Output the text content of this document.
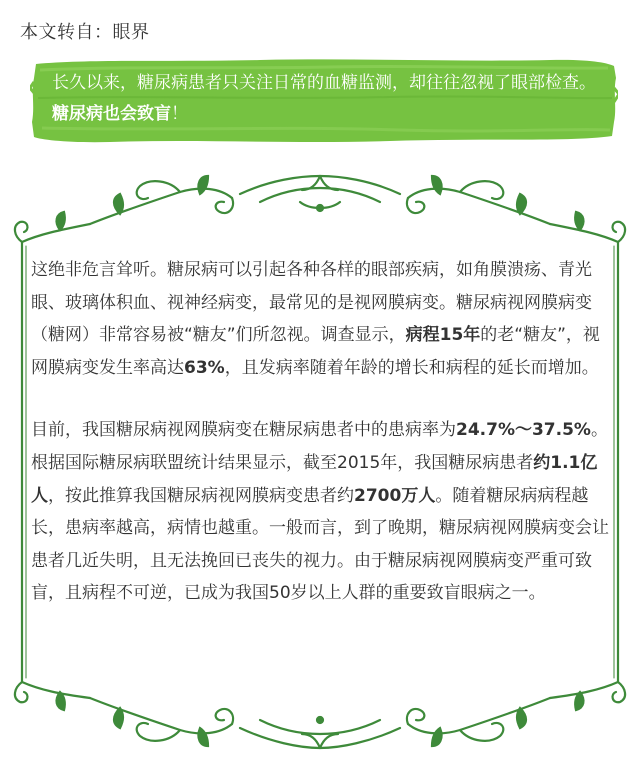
本文转自：眼界
长久以来，糖尿病患者只关注日常的血糖监测，却往往忽视了眼部检查。糖尿病也会致盲！

这绝非危言耸听。糖尿病可以引起各种各样的眼部疾病，如角膜溃疡、青光眼、玻璃体积血、视神经病变，最常见的是视网膜病变。糖尿病视网膜病变（糖网）非常容易被“糖友”们所忽视。调查显示，病程15年的老“糖友”，视网膜病变发生率高达63%，且发病率随着年龄的增长和病程的延长而增加。

目前，我国糖尿病视网膜病变在糖尿病患者中的患病率为24.7%～37.5%。根据国际糖尿病联盟统计结果显示，截至2015年，我国糖尿病患者约1.1亿人，按此推算我国糖尿病视网膜病变患者约2700万人。随着糖尿病病程越长，患病率越高，病情也越重。一般而言，到了晚期，糖尿病视网膜病变会让患者几近失明，且无法挽回已丧失的视力。由于糖尿病视网膜病变严重可致盲，且病程不可逆，已成为我国50岁以上人群的重要致盲眼病之一。
